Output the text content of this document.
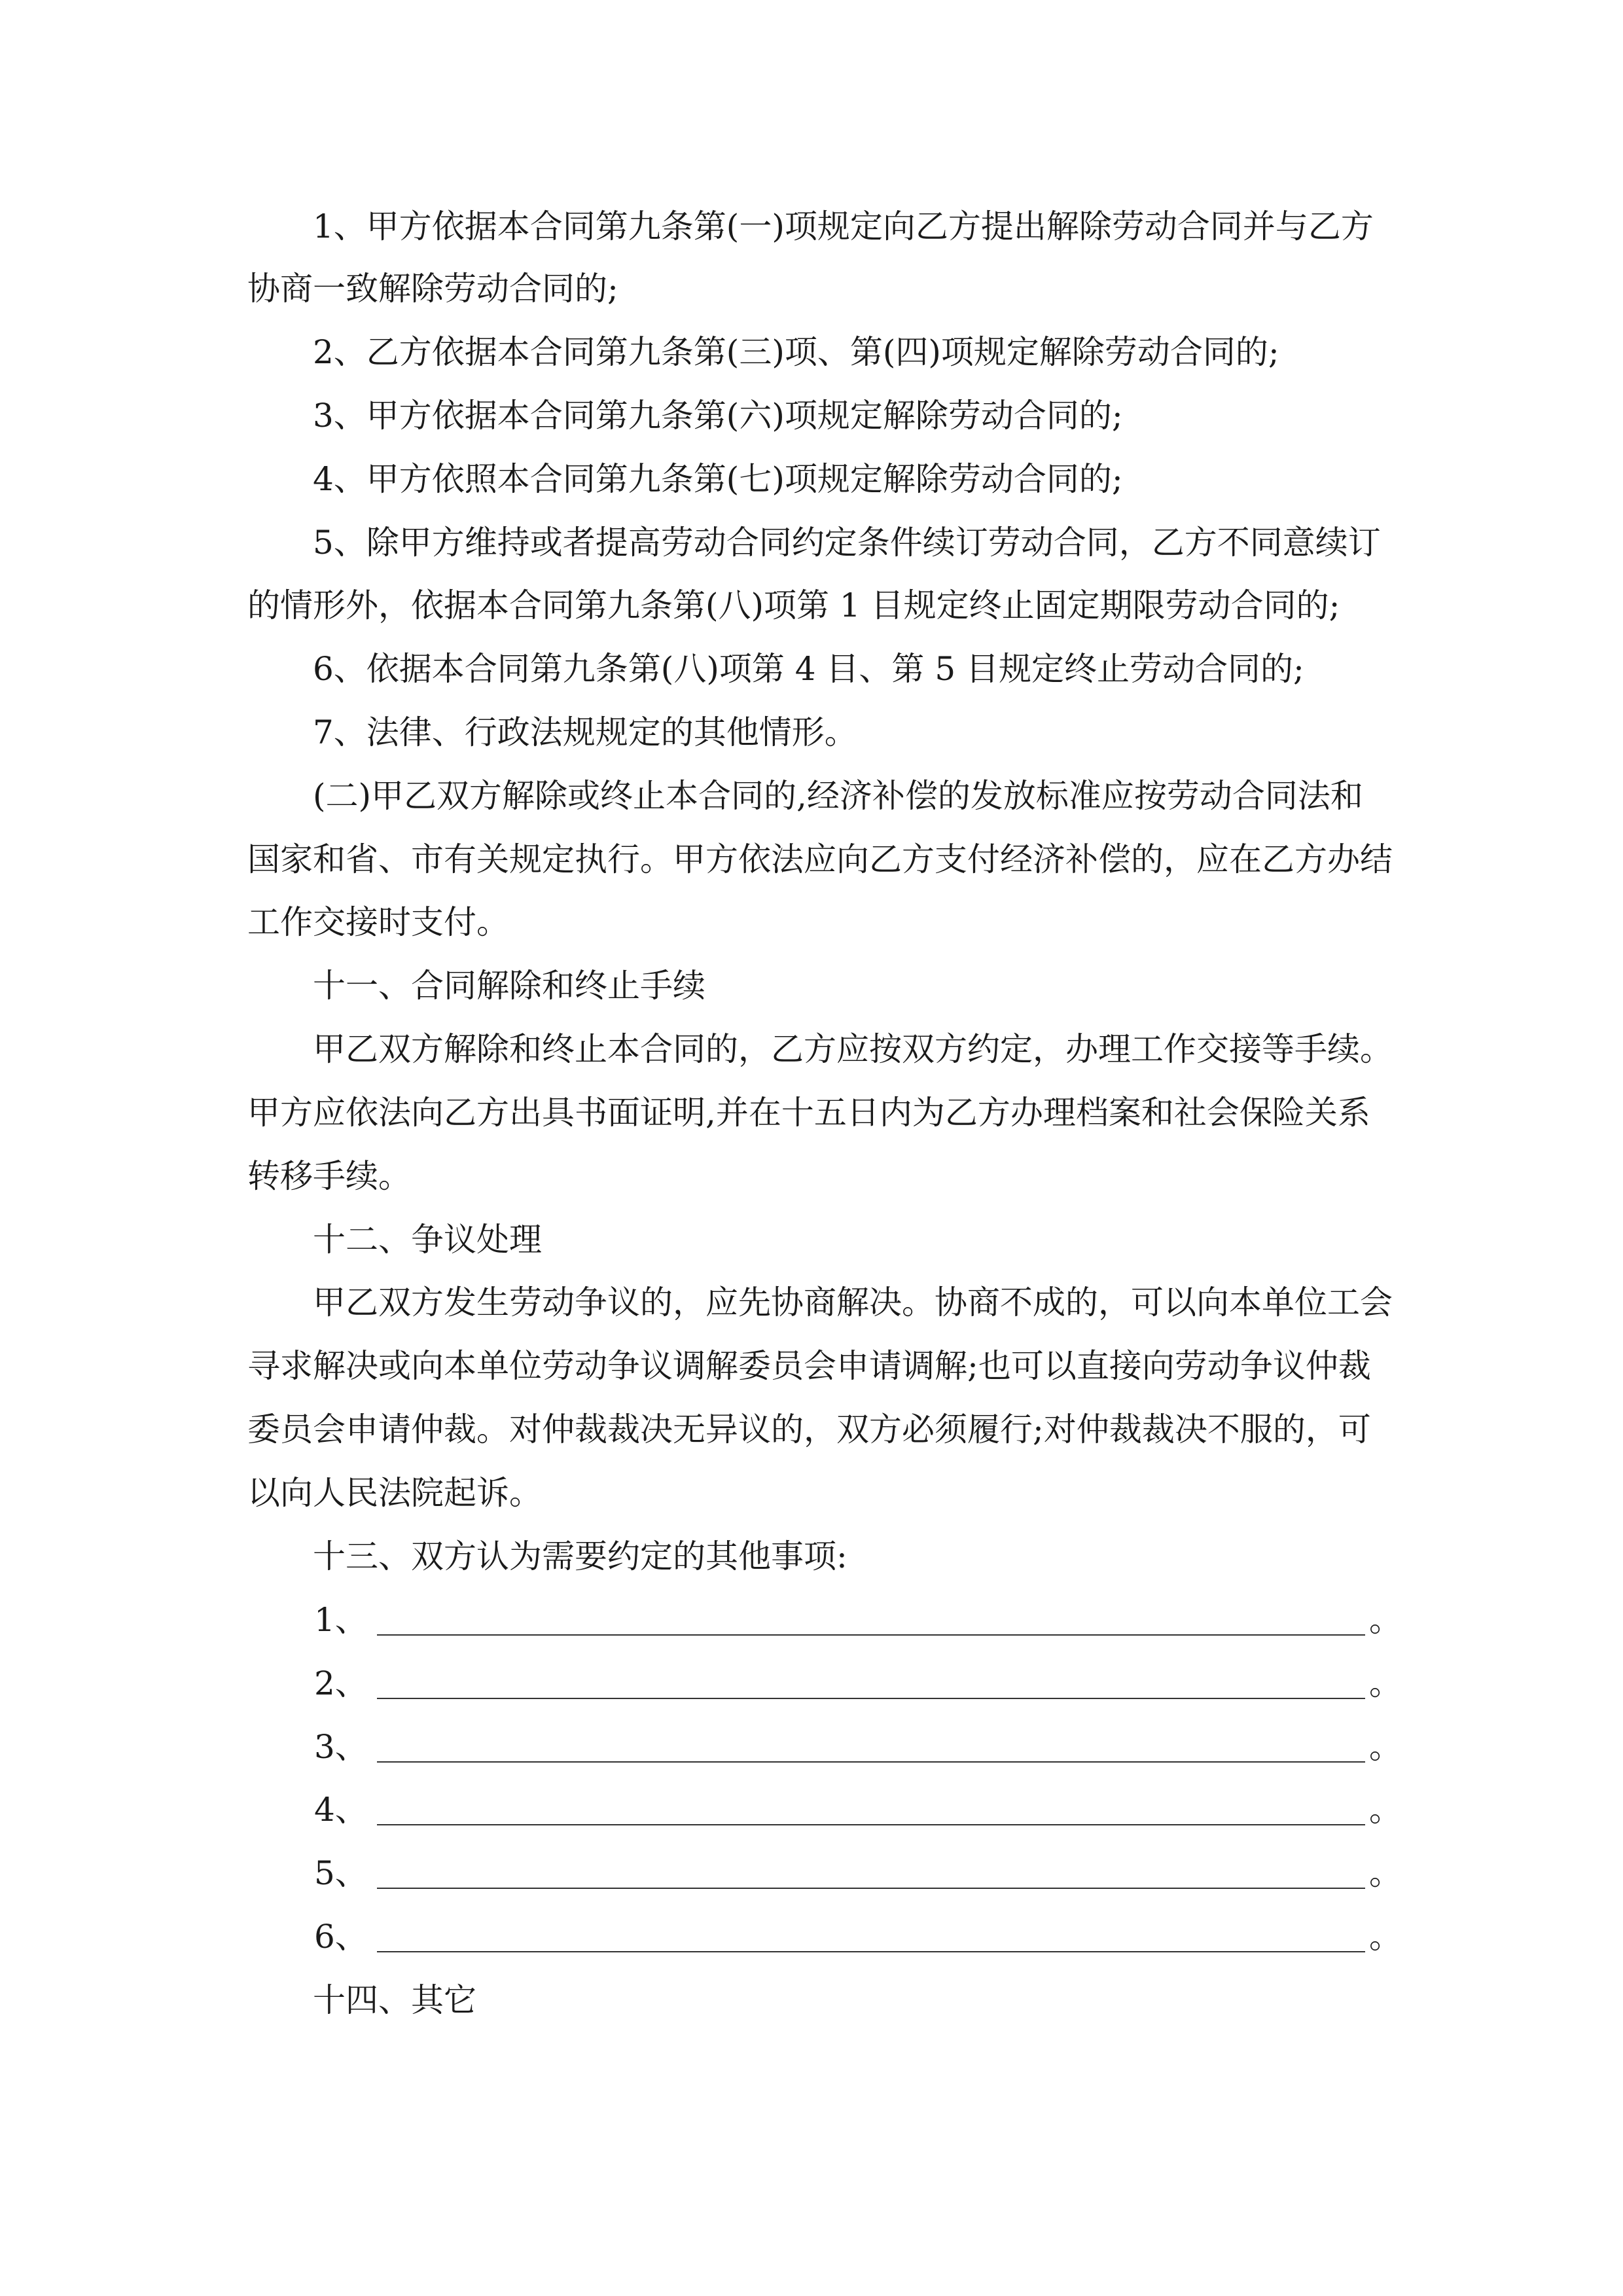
1、甲方依据本合同第九条第(一)项规定向乙方提出解除劳动合同并与乙方

协商一致解除劳动合同的;

2、乙方依据本合同第九条第(三)项、第(四)项规定解除劳动合同的;

3、甲方依据本合同第九条第(六)项规定解除劳动合同的;

4、甲方依照本合同第九条第(七)项规定解除劳动合同的;

5、除甲方维持或者提高劳动合同约定条件续订劳动合同，乙方不同意续订

的情形外，依据本合同第九条第(八)项第 1 目规定终止固定期限劳动合同的;

6、依据本合同第九条第(八)项第 4 目、第 5 目规定终止劳动合同的;

7、法律、行政法规规定的其他情形。

(二)甲乙双方解除或终止本合同的,经济补偿的发放标准应按劳动合同法和

国家和省、市有关规定执行。甲方依法应向乙方支付经济补偿的，应在乙方办结

工作交接时支付。

十一、合同解除和终止手续

甲乙双方解除和终止本合同的，乙方应按双方约定，办理工作交接等手续。

甲方应依法向乙方出具书面证明,并在十五日内为乙方办理档案和社会保险关系

转移手续。

十二、争议处理

甲乙双方发生劳动争议的，应先协商解决。协商不成的，可以向本单位工会

寻求解决或向本单位劳动争议调解委员会申请调解;也可以直接向劳动争议仲裁

委员会申请仲裁。对仲裁裁决无异议的，双方必须履行;对仲裁裁决不服的，可

以向人民法院起诉。

十三、双方认为需要约定的其他事项:

1、	。
2、	。
3、	。
4、	。
5、	。
6、	。

十四、其它
